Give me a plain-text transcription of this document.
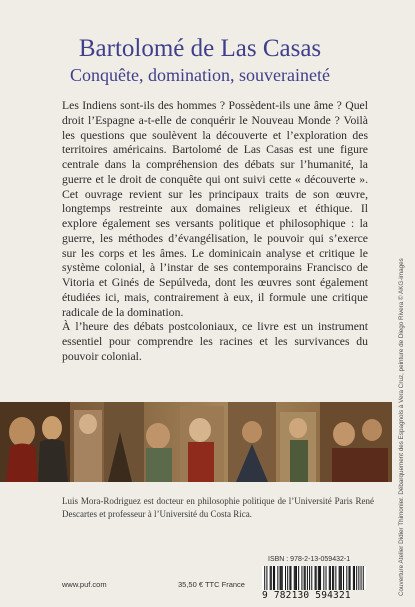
Bartolomé de Las Casas
Conquête, domination, souveraineté

Les Indiens sont-ils des hommes ? Possèdent-ils une âme ? Quel droit l’Espagne a-t-elle de conquérir le Nouveau Monde ? Voilà les questions que soulèvent la découverte et l’exploration des territoires américains. Bartolomé de Las Casas est une figure centrale dans la compréhension des débats sur l’humanité, la guerre et le droit de conquête qui ont suivi cette « découverte ». Cet ouvrage revient sur les principaux traits de son œuvre, longtemps restreinte aux domaines religieux et éthique. Il explore également ses versants politique et philosophique : la guerre, les méthodes d’évangélisation, le pouvoir qui s’exerce sur les corps et les âmes. Le dominicain analyse et critique le système colonial, à l’instar de ses contemporains Francisco de Vitoria et Ginés de Sepúlveda, dont les œuvres sont également étudiées ici, mais, contrairement à eux, il formule une critique radicale de la domination.

À l’heure des débats postcoloniaux, ce livre est un instrument essentiel pour comprendre les racines et les survivances du pouvoir colonial.

Luis Mora-Rodriguez est docteur en philosophie politique de l’Université Paris René Descartes et professeur à l’Université du Costa Rica.	Couverture Atelier Didier Thimonier. Débarquement des Espagnols à Vera Cruz, peinture de Diego Rivera © AKG-images
ISBN : 978-2-13-059432-1
9 782130 594321
www.puf.com	35,50 € TTC France
